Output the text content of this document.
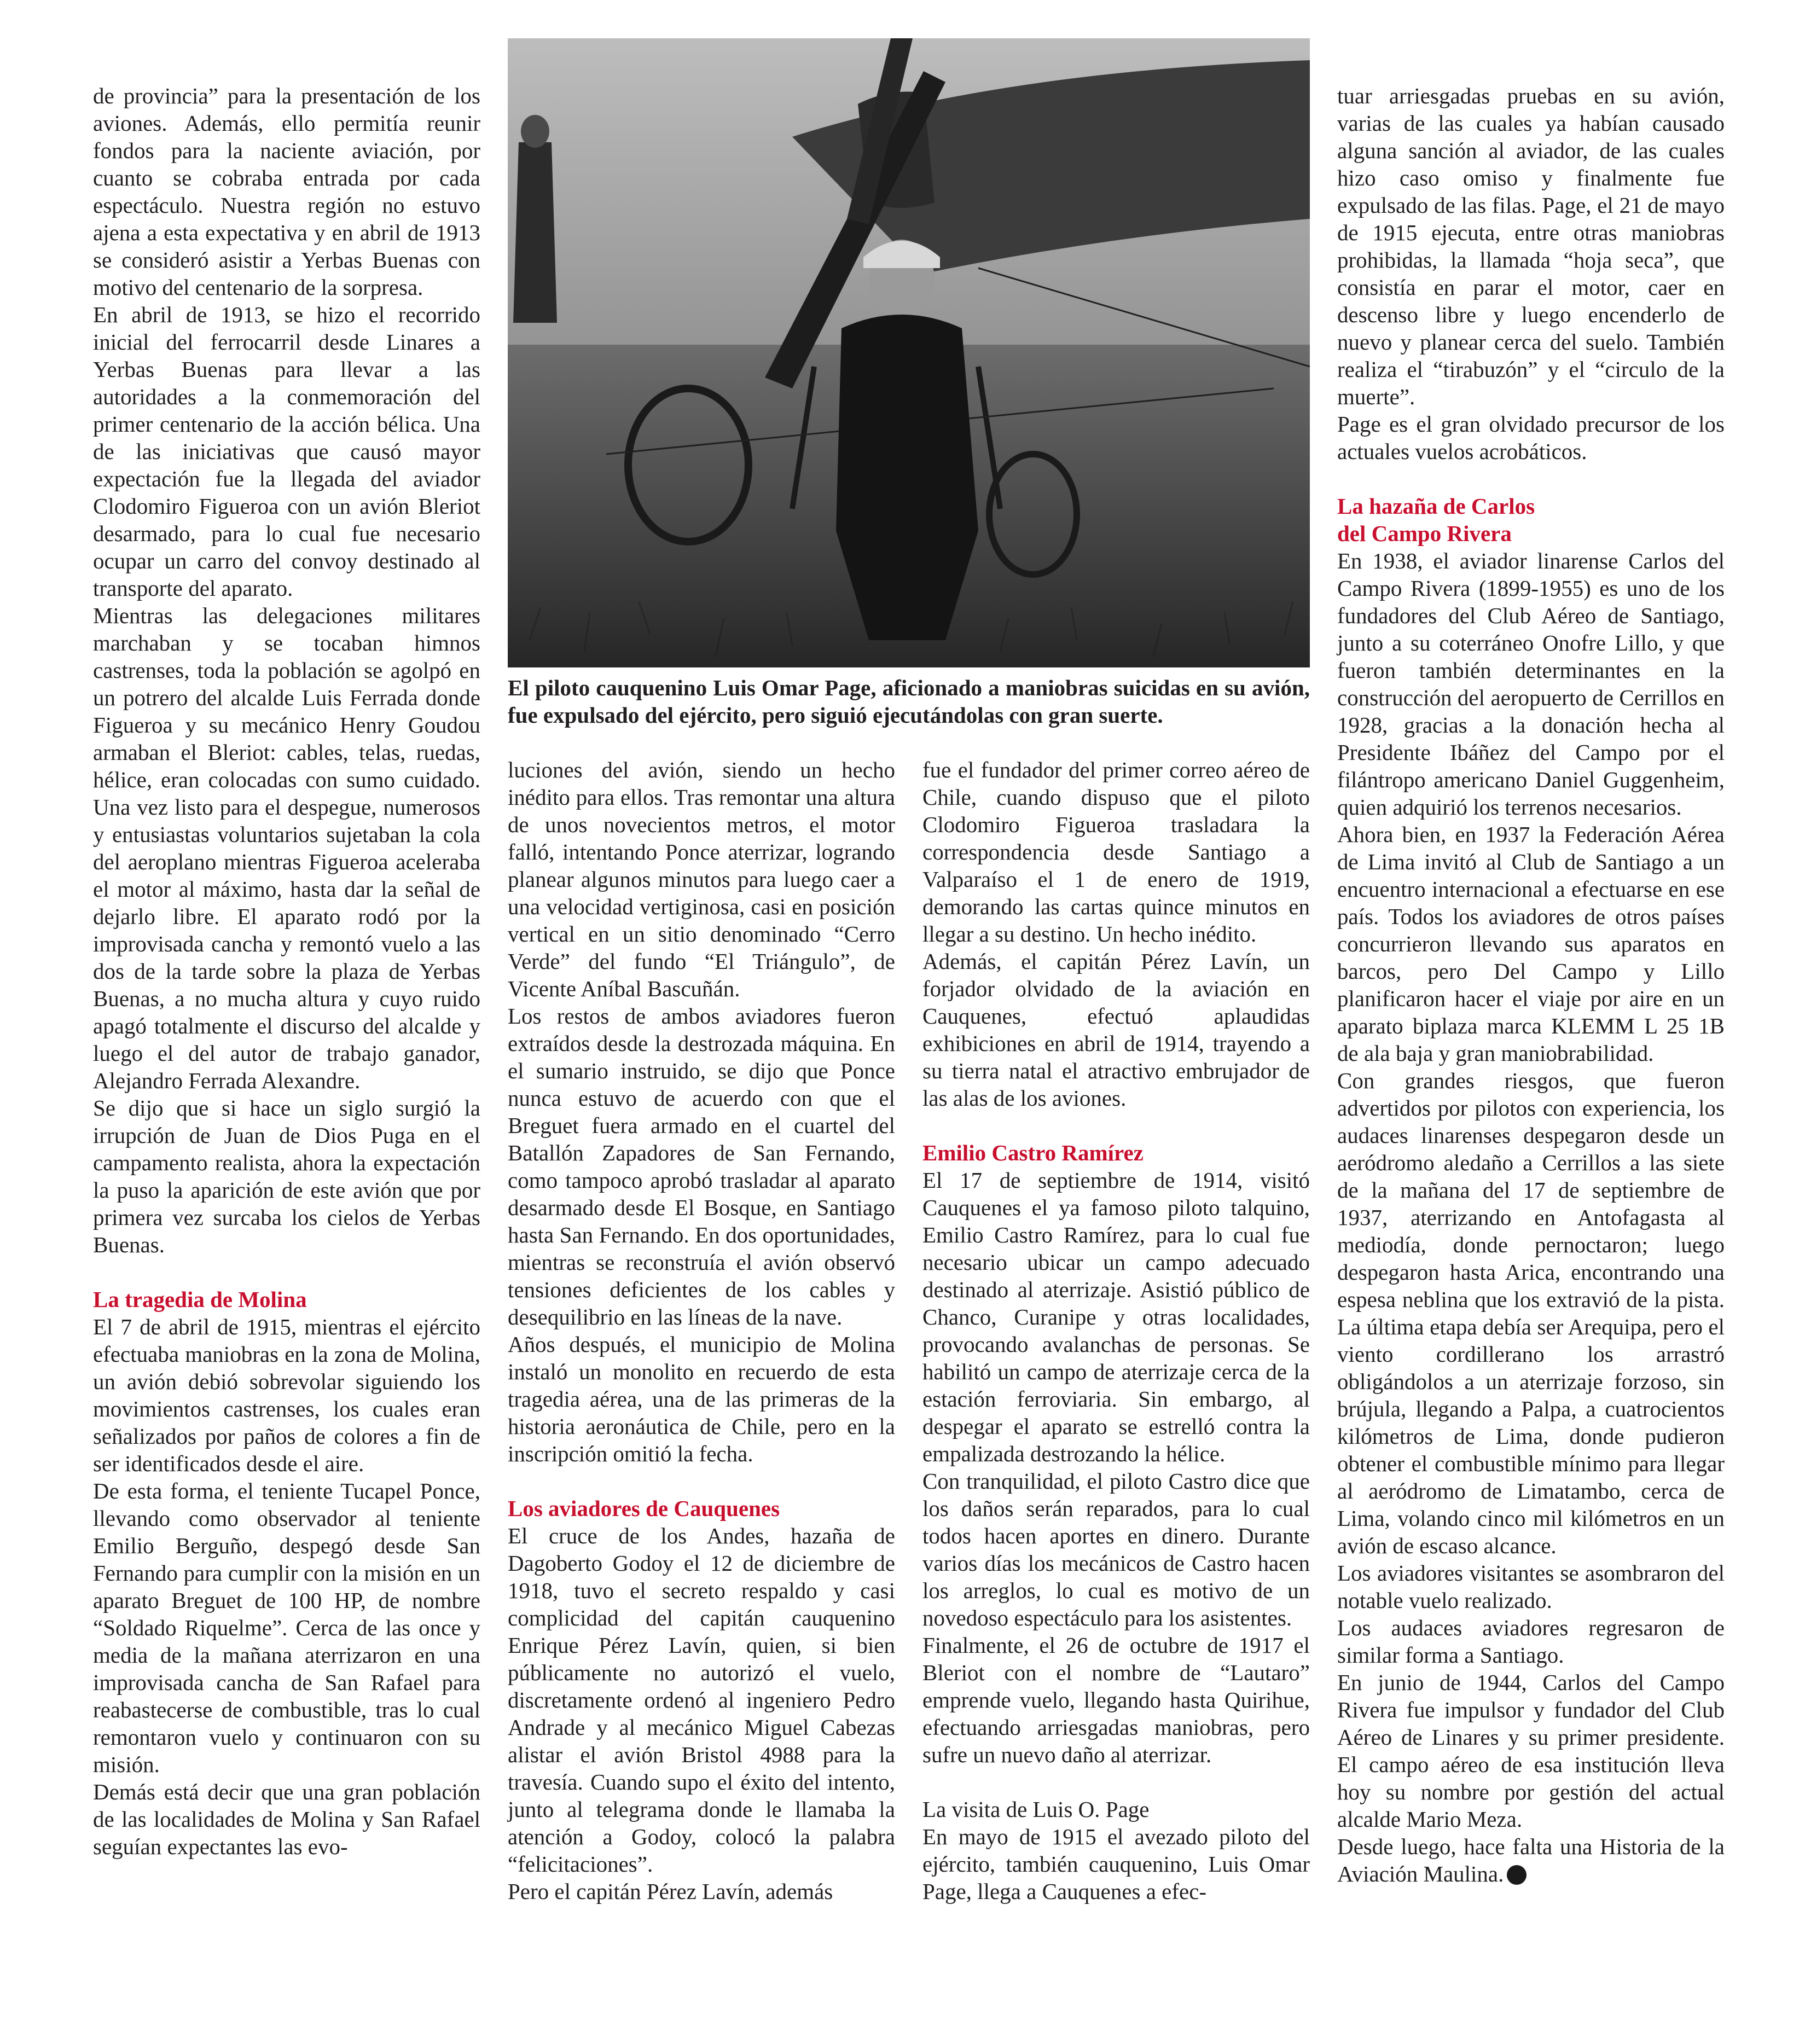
de provincia” para la presentación de los aviones. Además, ello permitía reunir fondos para la naciente aviación, por cuanto se cobraba entrada por cada espectáculo. Nuestra región no estuvo ajena a esta expectativa y en abril de 1913 se consideró asistir a Yerbas Buenas con motivo del centenario de la sorpresa.

En abril de 1913, se hizo el recorrido inicial del ferrocarril desde Linares a Yerbas Buenas para llevar a las autoridades a la conmemoración del primer centenario de la acción bélica. Una de las iniciativas que causó mayor expectación fue la llegada del aviador Clodomiro Figueroa con un avión Bleriot desarmado, para lo cual fue necesario ocupar un carro del convoy destinado al transporte del aparato.

Mientras las delegaciones militares marchaban y se tocaban himnos castrenses, toda la población se agolpó en un potrero del alcalde Luis Ferrada donde Figueroa y su mecánico Henry Goudou armaban el Bleriot: cables, telas, ruedas, hélice, eran colocadas con sumo cuidado. Una vez listo para el despegue, numerosos y entusiastas voluntarios sujetaban la cola del aeroplano mientras Figueroa aceleraba el motor al máximo, hasta dar la señal de dejarlo libre. El aparato rodó por la improvisada cancha y remontó vuelo a las dos de la tarde sobre la plaza de Yerbas Buenas, a no mucha altura y cuyo ruido apagó totalmente el discurso del alcalde y luego el del autor de trabajo ganador, Alejandro Ferrada Alexandre.

Se dijo que si hace un siglo surgió la irrupción de Juan de Dios Puga en el campamento realista, ahora la expectación la puso la aparición de este avión que por primera vez surcaba los cielos de Yerbas Buenas.

La tragedia de Molina

El 7 de abril de 1915, mientras el ejército efectuaba maniobras en la zona de Molina, un avión debió sobrevolar siguiendo los movimientos castrenses, los cuales eran señalizados por paños de colores a fin de ser identificados desde el aire.

De esta forma, el teniente Tucapel Ponce, llevando como observador al teniente Emilio Berguño, despegó desde San Fernando para cumplir con la misión en un aparato Breguet de 100 HP, de nombre “Soldado Riquelme”. Cerca de las once y media de la mañana aterrizaron en una improvisada cancha de San Rafael para reabastecerse de combustible, tras lo cual remontaron vuelo y continuaron con su misión.

Demás está decir que una gran población de las localidades de Molina y San Rafael seguían expectantes las evo-

El piloto cauquenino Luis Omar Page, aficionado a maniobras suicidas en su avión, fue expulsado del ejército, pero siguió ejecutándolas con gran suerte.

luciones del avión, siendo un hecho inédito para ellos. Tras remontar una altura de unos novecientos metros, el motor falló, intentando Ponce aterrizar, logrando planear algunos minutos para luego caer a una velocidad vertiginosa, casi en posición vertical en un sitio denominado “Cerro Verde” del fundo “El Triángulo”, de Vicente Aníbal Bascuñán.

Los restos de ambos aviadores fueron extraídos desde la destrozada máquina. En el sumario instruido, se dijo que Ponce nunca estuvo de acuerdo con que el Breguet fuera armado en el cuartel del Batallón Zapadores de San Fernando, como tampoco aprobó trasladar al aparato desarmado desde El Bosque, en Santiago hasta San Fernando. En dos oportunidades, mientras se reconstruía el avión observó tensiones deficientes de los cables y desequilibrio en las líneas de la nave.

Años después, el municipio de Molina instaló un monolito en recuerdo de esta tragedia aérea, una de las primeras de la historia aeronáutica de Chile, pero en la inscripción omitió la fecha.

Los aviadores de Cauquenes

El cruce de los Andes, hazaña de Dagoberto Godoy el 12 de diciembre de 1918, tuvo el secreto respaldo y casi complicidad del capitán cauquenino Enrique Pérez Lavín, quien, si bien públicamente no autorizó el vuelo, discretamente ordenó al ingeniero Pedro Andrade y al mecánico Miguel Cabezas alistar el avión Bristol 4988 para la travesía. Cuando supo el éxito del intento, junto al telegrama donde le llamaba la atención a Godoy, colocó la palabra “felicitaciones”.

Pero el capitán Pérez Lavín, además

fue el fundador del primer correo aéreo de Chile, cuando dispuso que el piloto Clodomiro Figueroa trasladara la correspondencia desde Santiago a Valparaíso el 1 de enero de 1919, demorando las cartas quince minutos en llegar a su destino. Un hecho inédito.

Además, el capitán Pérez Lavín, un forjador olvidado de la aviación en Cauquenes, efectuó aplaudidas exhibiciones en abril de 1914, trayendo a su tierra natal el atractivo embrujador de las alas de los aviones.

Emilio Castro Ramírez

El 17 de septiembre de 1914, visitó Cauquenes el ya famoso piloto talquino, Emilio Castro Ramírez, para lo cual fue necesario ubicar un campo adecuado destinado al aterrizaje. Asistió público de Chanco, Curanipe y otras localidades, provocando avalanchas de personas. Se habilitó un campo de aterrizaje cerca de la estación ferroviaria. Sin embargo, al despegar el aparato se estrelló contra la empalizada destrozando la hélice.

Con tranquilidad, el piloto Castro dice que los daños serán reparados, para lo cual todos hacen aportes en dinero. Durante varios días los mecánicos de Castro hacen los arreglos, lo cual es motivo de un novedoso espectáculo para los asistentes.

Finalmente, el 26 de octubre de 1917 el Bleriot con el nombre de “Lautaro” emprende vuelo, llegando hasta Quirihue, efectuando arriesgadas maniobras, pero sufre un nuevo daño al aterrizar.

La visita de Luis O. Page

En mayo de 1915 el avezado piloto del ejército, también cauquenino, Luis Omar Page, llega a Cauquenes a efec-

tuar arriesgadas pruebas en su avión, varias de las cuales ya habían causado alguna sanción al aviador, de las cuales hizo caso omiso y finalmente fue expulsado de las filas. Page, el 21 de mayo de 1915 ejecuta, entre otras maniobras prohibidas, la llamada “hoja seca”, que consistía en parar el motor, caer en descenso libre y luego encenderlo de nuevo y planear cerca del suelo. También realiza el “tirabuzón” y el “circulo de la muerte”.

Page es el gran olvidado precursor de los actuales vuelos acrobáticos.

La hazaña de Carlos
del Campo Rivera

En 1938, el aviador linarense Carlos del Campo Rivera (1899-1955) es uno de los fundadores del Club Aéreo de Santiago, junto a su coterráneo Onofre Lillo, y que fueron también determinantes en la construcción del aeropuerto de Cerrillos en 1928, gracias a la donación hecha al Presidente Ibáñez del Campo por el filántropo americano Daniel Guggenheim, quien adquirió los terrenos necesarios.

Ahora bien, en 1937 la Federación Aérea de Lima invitó al Club de Santiago a un encuentro internacional a efectuarse en ese país. Todos los aviadores de otros países concurrieron llevando sus aparatos en barcos, pero Del Campo y Lillo planificaron hacer el viaje por aire en un aparato biplaza marca KLEMM L 25 1B de ala baja y gran maniobrabilidad.

Con grandes riesgos, que fueron advertidos por pilotos con experiencia, los audaces linarenses despegaron desde un aeródromo aledaño a Cerrillos a las siete de la mañana del 17 de septiembre de 1937, aterrizando en Antofagasta al mediodía, donde pernoctaron; luego despegaron hasta Arica, encontrando una espesa neblina que los extravió de la pista. La última etapa debía ser Arequipa, pero el viento cordillerano los arrastró obligándolos a un aterrizaje forzoso, sin brújula, llegando a Palpa, a cuatrocientos kilómetros de Lima, donde pudieron obtener el combustible mínimo para llegar al aeródromo de Limatambo, cerca de Lima, volando cinco mil kilómetros en un avión de escaso alcance.

Los aviadores visitantes se asombraron del notable vuelo realizado.

Los audaces aviadores regresaron de similar forma a Santiago.

En junio de 1944, Carlos del Campo Rivera fue impulsor y fundador del Club Aéreo de Linares y su primer presidente. El campo aéreo de esa institución lleva hoy su nombre por gestión del actual alcalde Mario Meza.

Desde luego, hace falta una Historia de la Aviación Maulina.
